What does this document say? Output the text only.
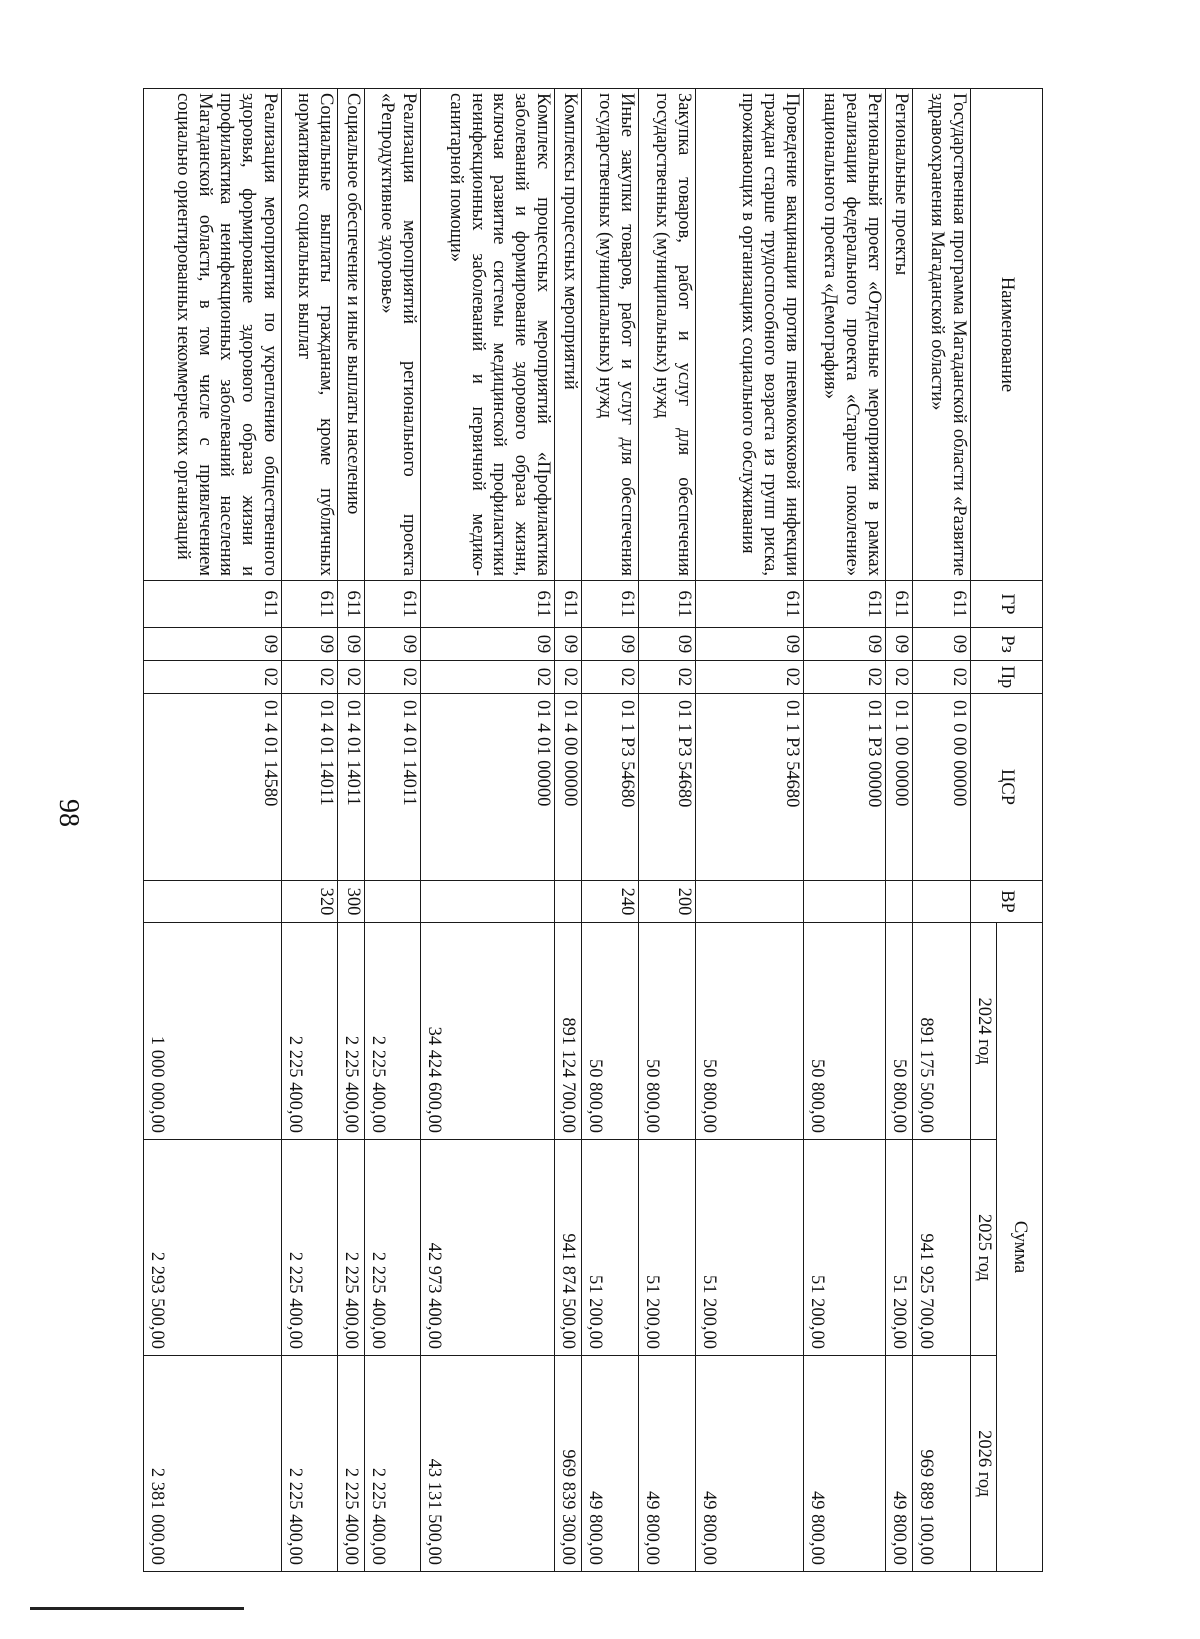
98
Наименование	ГР	Рз	Пр	ЦСР	ВР	Сумма		
						2024 год	2025 год	2026 год
Государственная программа Магаданской области «Развитие здравоохранения Магаданской области»	611	09	02	01 0 00 00000		891 175 500,00	941 925 700,00	969 889 100,00
Региональные проекты	611	09	02	01 1 00 00000		50 800,00	51 200,00	49 800,00
Региональный проект «Отдельные мероприятия в рамках реализации федерального проекта «Старшее поколение» национального проекта «Демография»	611	09	02	01 1 Р3 00000		50 800,00	51 200,00	49 800,00
Проведение вакцинации против пневмококковой инфекции граждан старше трудоспособного возраста из групп риска, проживающих в организациях социального обслуживания	611	09	02	01 1 Р3 54680		50 800,00	51 200,00	49 800,00
Закупка товаров, работ и услуг для обеспечения государственных (муниципальных) нужд	611	09	02	01 1 Р3 54680	200	50 800,00	51 200,00	49 800,00
Иные закупки товаров, работ и услуг для обеспечения государственных (муниципальных) нужд	611	09	02	01 1 Р3 54680	240	50 800,00	51 200,00	49 800,00
Комплексы процессных мероприятий	611	09	02	01 4 00 00000		891 124 700,00	941 874 500,00	969 839 300,00
Комплекс процессных мероприятий «Профилактика заболеваний и формирование здорового образа жизни, включая развитие системы медицинской профилактики неинфекционных заболеваний и первичной медико-санитарной помощи»	611	09	02	01 4 01 00000		34 424 600,00	42 973 400,00	43 131 500,00
Реализация мероприятий регионального проекта «Репродуктивное здоровье»	611	09	02	01 4 01 14011		2 225 400,00	2 225 400,00	2 225 400,00
Социальное обеспечение и иные выплаты населению	611	09	02	01 4 01 14011	300	2 225 400,00	2 225 400,00	2 225 400,00
Социальные выплаты гражданам, кроме публичных нормативных социальных выплат	611	09	02	01 4 01 14011	320	2 225 400,00	2 225 400,00	2 225 400,00
Реализация мероприятия по укреплению общественного здоровья, формирование здорового образа жизни и профилактика неинфекционных заболеваний населения Магаданской области, в том числе с привлечением социально ориентированных некоммерческих организаций	611	09	02	01 4 01 14580		1 000 000,00	2 293 500,00	2 381 000,00
